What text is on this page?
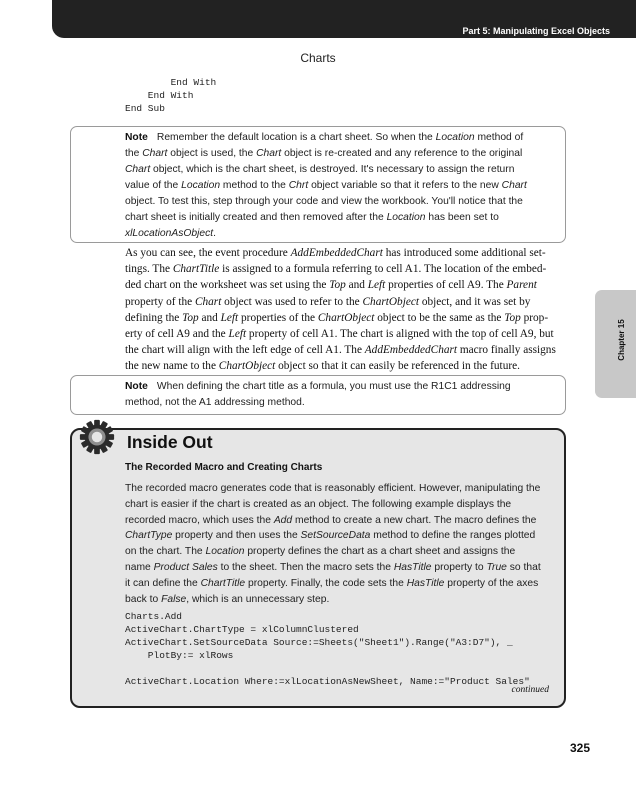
Part 5: Manipulating Excel Objects
Charts
End With
End With
End Sub
Note Remember the default location is a chart sheet. So when the Location method of
the Chart object is used, the Chart object is re-created and any reference to the original
Chart object, which is the chart sheet, is destroyed. It's necessary to assign the return
value of the Location method to the Chrt object variable so that it refers to the new Chart
object. To test this, step through your code and view the workbook. You'll notice that the
chart sheet is initially created and then removed after the Location has been set to
xlLocationAsObject.

As you can see, the event procedure AddEmbeddedChart has introduced some additional set-

tings. The ChartTitle is assigned to a formula referring to cell A1. The location of the embed-

ded chart on the worksheet was set using the Top and Left properties of cell A9. The Parent

property of the Chart object was used to refer to the ChartObject object, and it was set by

defining the Top and Left properties of the ChartObject object to be the same as the Top prop-

erty of cell A9 and the Left property of cell A1. The chart is aligned with the top of cell A9, but

the chart will align with the left edge of cell A1. The AddEmbeddedChart macro finally assigns

the new name to the ChartObject object so that it can easily be referenced in the future.

Chapter 15
Note When defining the chart title as a formula, you must use the R1C1 addressing
method, not the A1 addressing method.
Inside Out
The Recorded Macro and Creating Charts
The recorded macro generates code that is reasonably efficient. However, manipulating the
chart is easier if the chart is created as an object. The following example displays the
recorded macro, which uses the Add method to create a new chart. The macro defines the
ChartType property and then uses the SetSourceData method to define the ranges plotted
on the chart. The Location property defines the chart as a chart sheet and assigns the
name Product Sales to the sheet. Then the macro sets the HasTitle property to True so that
it can define the ChartTitle property. Finally, the code sets the HasTitle property of the axes
back to False, which is an unnecessary step.
Charts.Add
ActiveChart.ChartType = xlColumnClustered
ActiveChart.SetSourceData Source:=Sheets("Sheet1").Range("A3:D7"), _
PlotBy:= xlRows

ActiveChart.Location Where:=xlLocationAsNewSheet, Name:="Product Sales"
continued
325
